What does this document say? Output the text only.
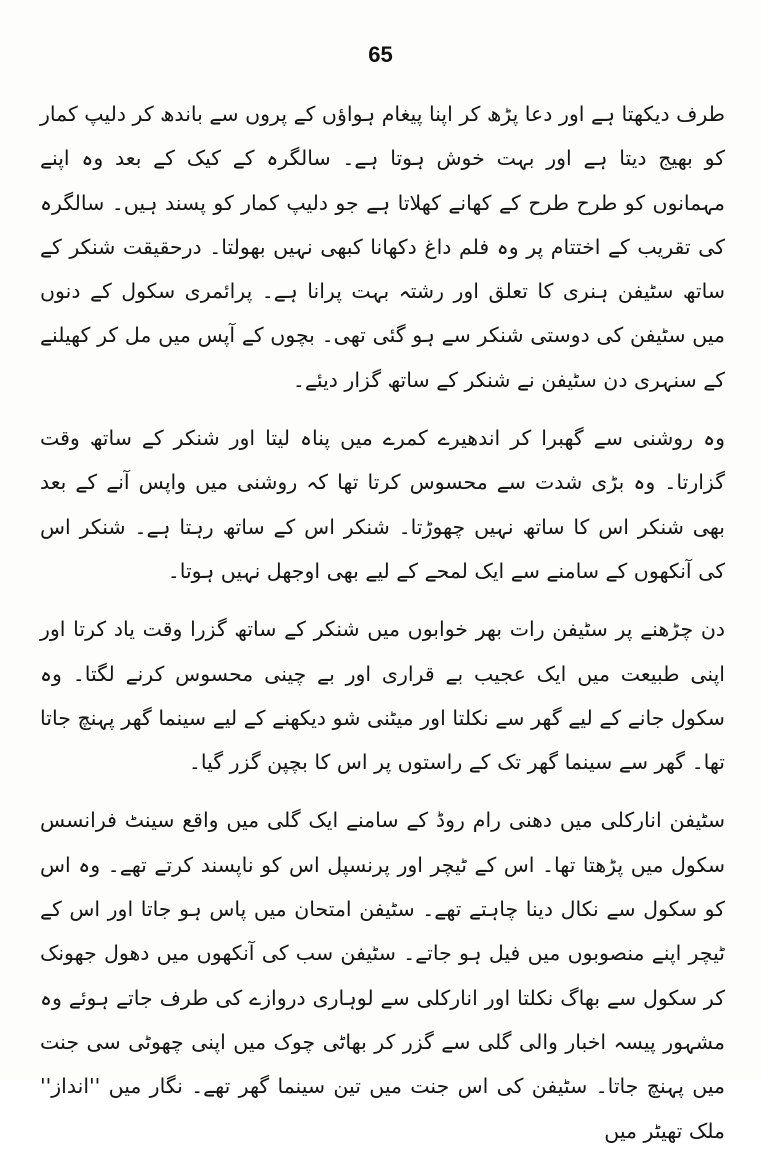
65

طرف دیکھتا ہے اور دعا پڑھ کر اپنا پیغام ہواؤں کے پروں سے باندھ کر دلیپ کمار کو بھیج دیتا ہے اور بہت خوش ہوتا ہے۔ سالگرہ کے کیک کے بعد وہ اپنے مہمانوں کو طرح طرح کے کھانے کھلاتا ہے جو دلیپ کمار کو پسند ہیں۔ سالگرہ کی تقریب کے اختتام پر وہ فلم داغ دکھانا کبھی نہیں بھولتا۔ درحقیقت شنکر کے ساتھ سٹیفن ہنری کا تعلق اور رشتہ بہت پرانا ہے۔ پرائمری سکول کے دنوں میں سٹیفن کی دوستی شنکر سے ہو گئی تھی۔ بچوں کے آپس میں مل کر کھیلنے کے سنہری دن سٹیفن نے شنکر کے ساتھ گزار دیئے۔

وہ روشنی سے گھبرا کر اندھیرے کمرے میں پناہ لیتا اور شنکر کے ساتھ وقت گزارتا۔ وہ بڑی شدت سے محسوس کرتا تھا کہ روشنی میں واپس آنے کے بعد بھی شنکر اس کا ساتھ نہیں چھوڑتا۔ شنکر اس کے ساتھ رہتا ہے۔ شنکر اس کی آنکھوں کے سامنے سے ایک لمحے کے لیے بھی اوجھل نہیں ہوتا۔

دن چڑھنے پر سٹیفن رات بھر خوابوں میں شنکر کے ساتھ گزرا وقت یاد کرتا اور اپنی طبیعت میں ایک عجیب بے قراری اور بے چینی محسوس کرنے لگتا۔ وہ سکول جانے کے لیے گھر سے نکلتا اور میٹنی شو دیکھنے کے لیے سینما گھر پہنچ جاتا تھا۔ گھر سے سینما گھر تک کے راستوں پر اس کا بچپن گزر گیا۔

سٹیفن انارکلی میں دھنی رام روڈ کے سامنے ایک گلی میں واقع سینٹ فرانسس سکول میں پڑھتا تھا۔ اس کے ٹیچر اور پرنسپل اس کو ناپسند کرتے تھے۔ وہ اس کو سکول سے نکال دینا چاہتے تھے۔ سٹیفن امتحان میں پاس ہو جاتا اور اس کے ٹیچر اپنے منصوبوں میں فیل ہو جاتے۔ سٹیفن سب کی آنکھوں میں دھول جھونک کر سکول سے بھاگ نکلتا اور انارکلی سے لوہاری دروازے کی طرف جاتے ہوئے وہ مشہور پیسہ اخبار والی گلی سے گزر کر بھاٹی چوک میں اپنی چھوٹی سی جنت میں پہنچ جاتا۔ سٹیفن کی اس جنت میں تین سینما گھر تھے۔ نگار میں ''انداز'' ملک تھیٹر میں
